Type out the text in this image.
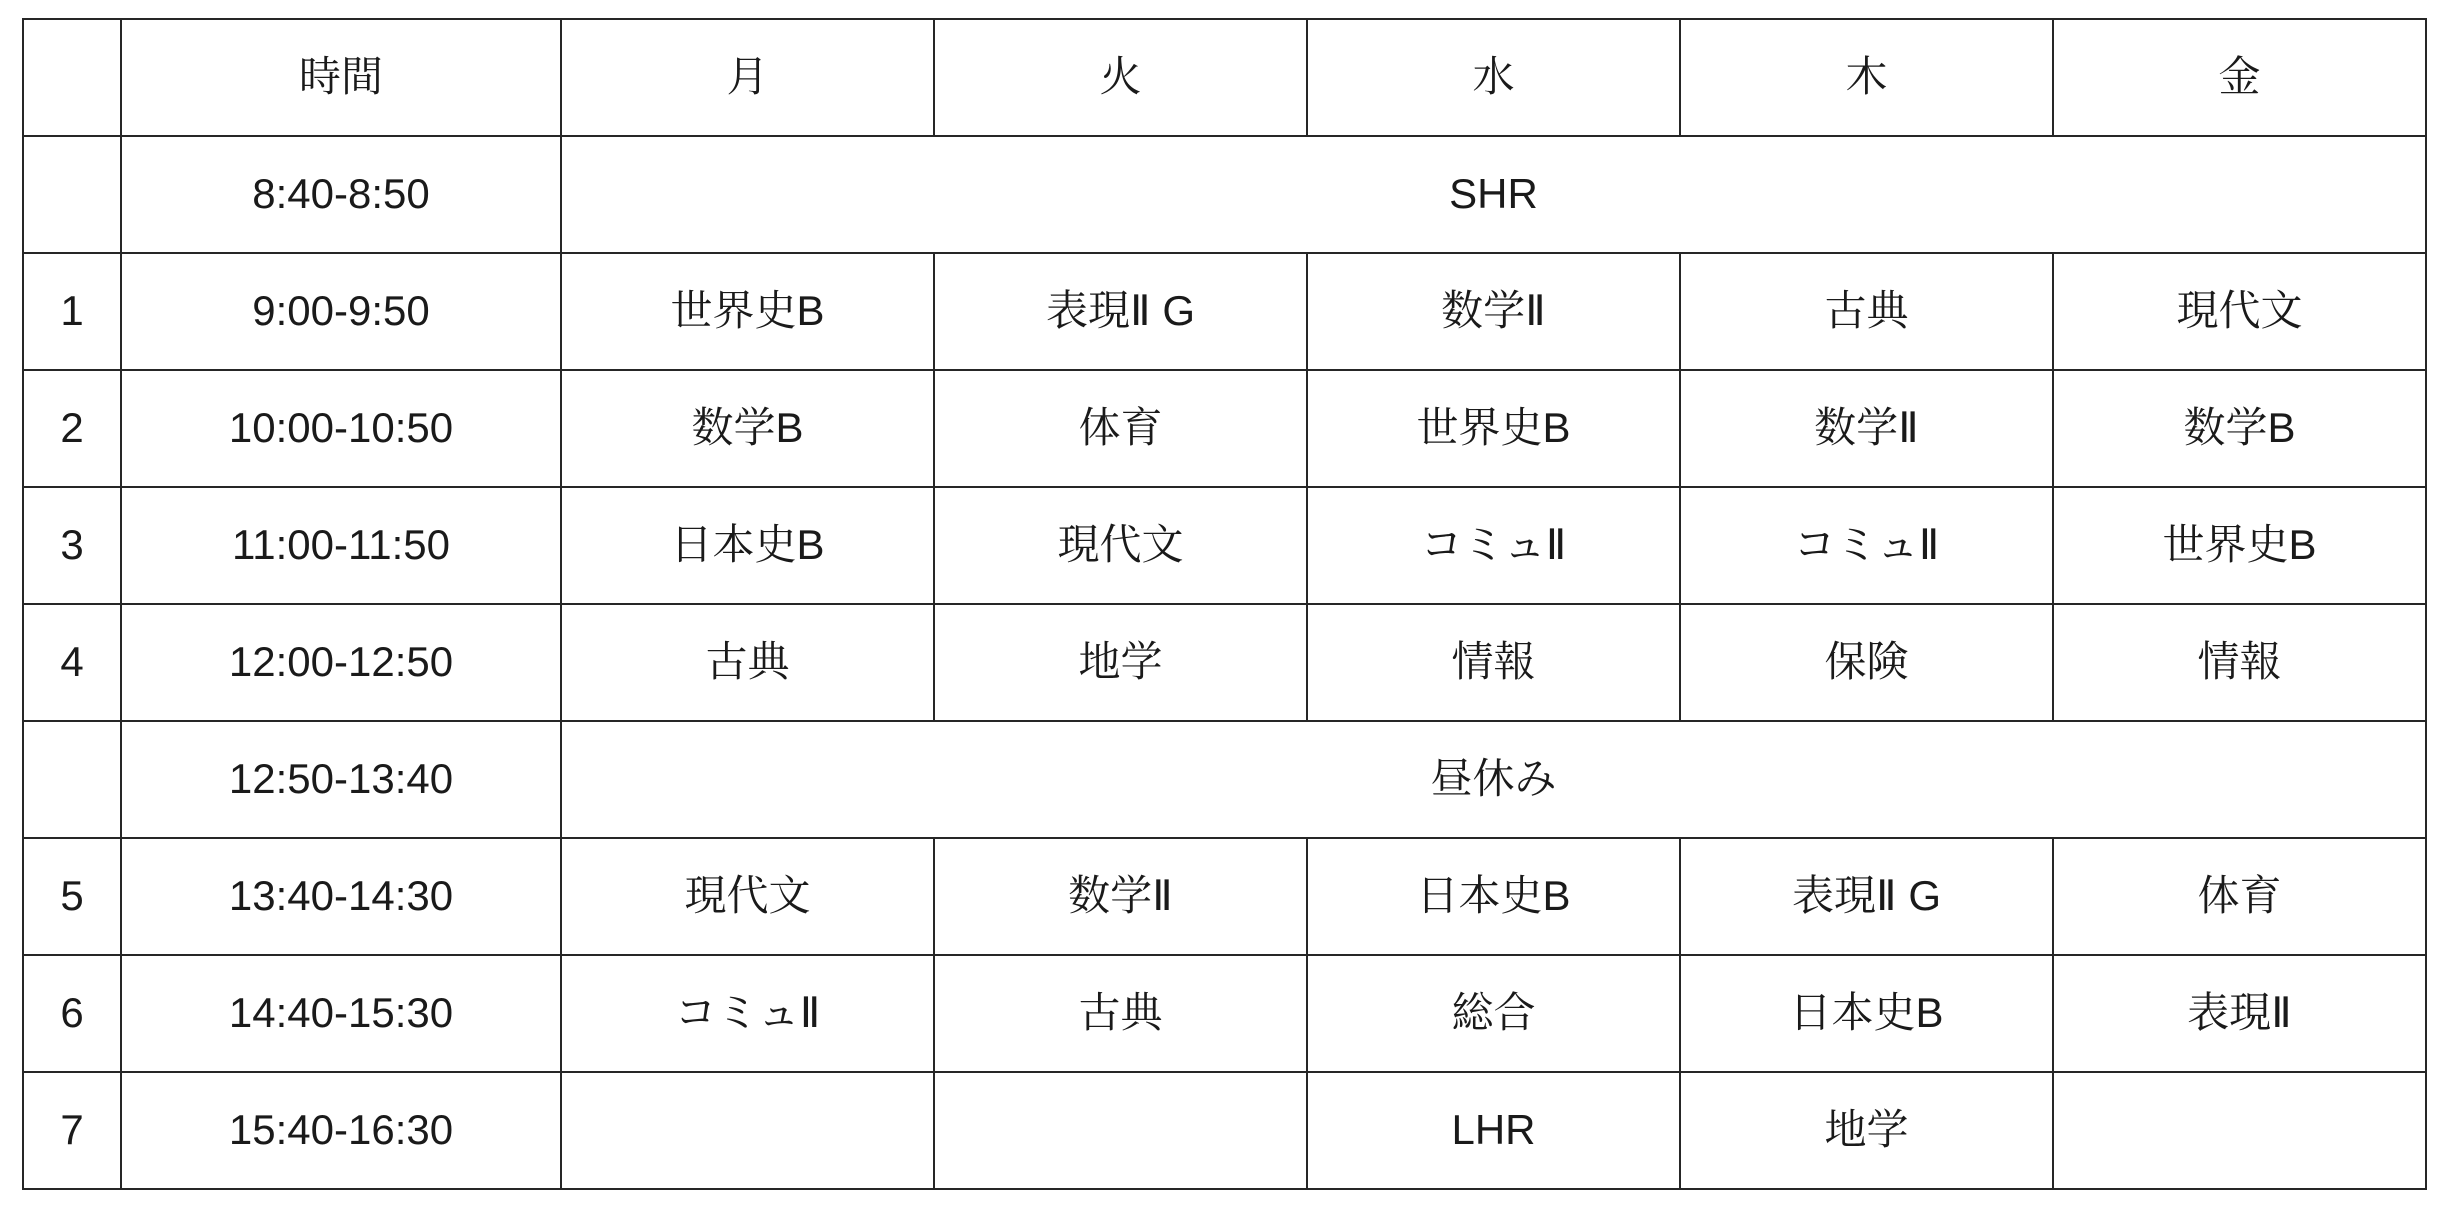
	時間	月	火	水	木	金
	8:40-8:50	SHR				
1	9:00-9:50	世界史B	表現Ⅱ G	数学Ⅱ	古典	現代文
2	10:00-10:50	数学B	体育	世界史B	数学Ⅱ	数学B
3	11:00-11:50	日本史B	現代文	コミュⅡ	コミュⅡ	世界史B
4	12:00-12:50	古典	地学	情報	保険	情報
	12:50-13:40	昼休み				
5	13:40-14:30	現代文	数学Ⅱ	日本史B	表現Ⅱ G	体育
6	14:40-15:30	コミュⅡ	古典	総合	日本史B	表現Ⅱ
7	15:40-16:30			LHR	地学	
